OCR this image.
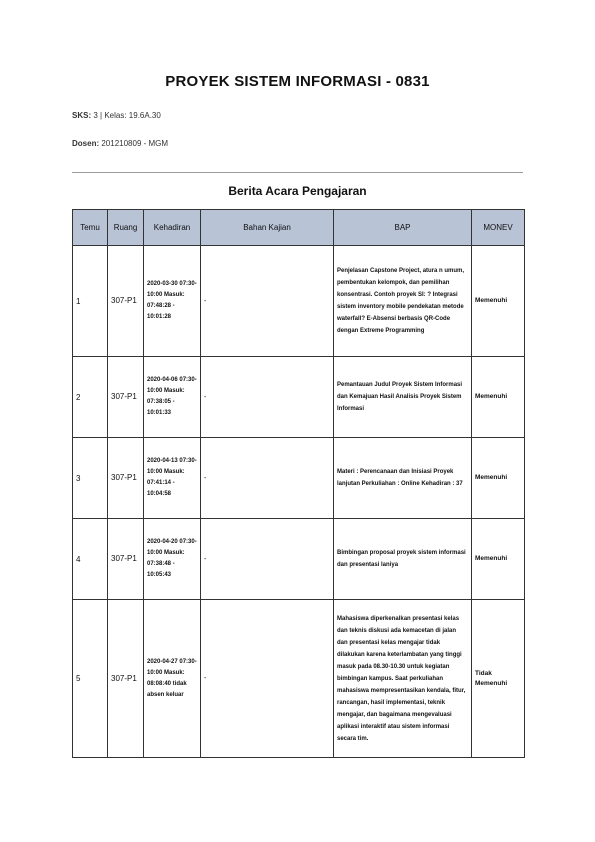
PROYEK SISTEM INFORMASI - 0831
SKS: 3 | Kelas: 19.6A.30
Dosen: 201210809 - MGM
Berita Acara Pengajaran
Temu	Ruang	Kehadiran	Bahan Kajian	BAP	MONEV
1	307-P1	2020-03-30 07:30-10:00 Masuk: 07:48:28 - 10:01:28	-	Penjelasan Capstone Project, atura n umum, pembentukan kelompok, dan pemilihan konsentrasi. Contoh proyek SI: ? Integrasi sistem inventory mobile pendekatan metode waterfall? E-Absensi berbasis QR-Code dengan Extreme Programming	Memenuhi
2	307-P1	2020-04-06 07:30-10:00 Masuk: 07:38:05 - 10:01:33	-	Pemantauan Judul Proyek Sistem Informasi dan Kemajuan Hasil Analisis Proyek Sistem Informasi	Memenuhi
3	307-P1	2020-04-13 07:30-10:00 Masuk: 07:41:14 - 10:04:58	-	Materi : Perencanaan dan Inisiasi Proyek lanjutan Perkuliahan : Online Kehadiran : 37	Memenuhi
4	307-P1	2020-04-20 07:30-10:00 Masuk: 07:38:48 - 10:05:43	-	Bimbingan proposal proyek sistem informasi dan presentasi laniya	Memenuhi
5	307-P1	2020-04-27 07:30-10:00 Masuk: 08:08:40 tidak absen keluar	-	Mahasiswa diperkenalkan presentasi kelas dan teknis diskusi ada kemacetan di jalan dan presentasi kelas mengajar tidak dilakukan karena keterlambatan yang tinggi masuk pada 08.30-10.30 untuk kegiatan bimbingan kampus. Saat perkuliahan mahasiswa mempresentasikan kendala, fitur, rancangan, hasil implementasi, teknik mengajar, dan bagaimana mengevaluasi aplikasi interaktif atau sistem informasi secara tim.	Tidak Memenuhi
